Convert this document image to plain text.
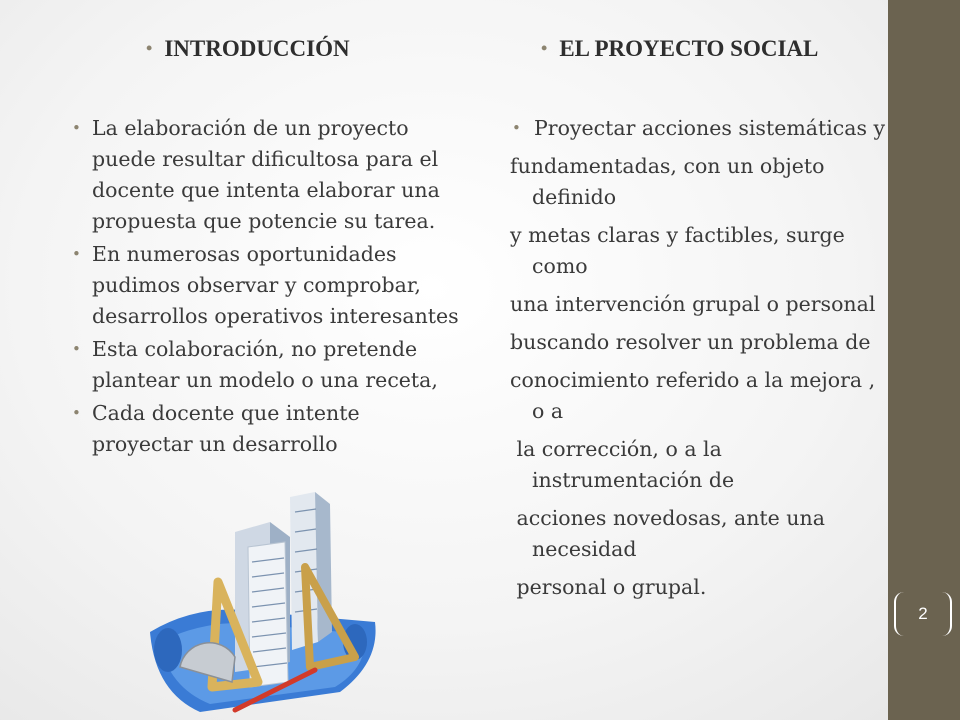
2
• INTRODUCCIÓN	• EL PROYECTO SOCIAL
• La elaboración de un proyecto
puede resultar dificultosa para el
docente que intenta elaborar una
propuesta que potencie su tarea.
• En numerosas oportunidades
pudimos observar y comprobar,
desarrollos operativos interesantes
• Esta colaboración, no pretende
plantear un modelo o una receta,
• Cada docente que intente
proyectar un desarrollo
• Proyectar acciones sistemáticas y
fundamentadas, con un objeto
definido
y metas claras y factibles, surge
como
una intervención grupal o personal
buscando resolver un problema de
conocimiento referido a la mejora ,
o a
la corrección, o a la
instrumentación de
acciones novedosas, ante una
necesidad
personal o grupal.
